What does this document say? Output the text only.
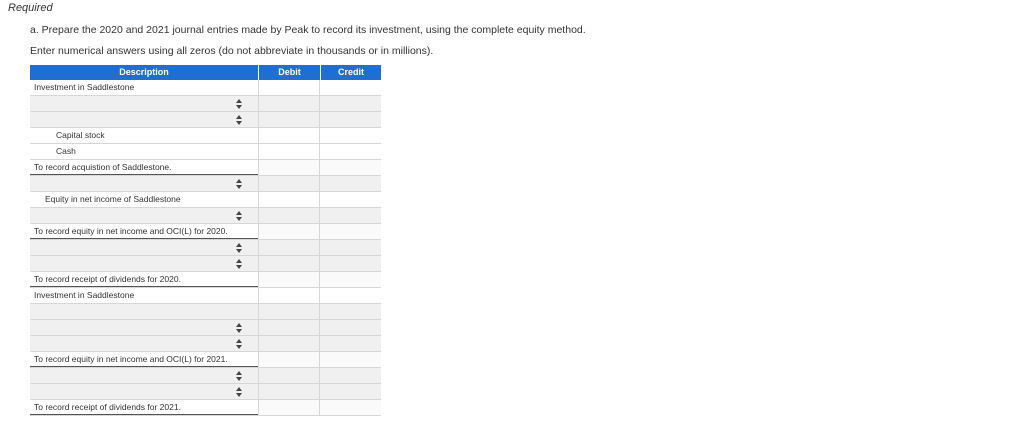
Required
a. Prepare the 2020 and 2021 journal entries made by Peak to record its investment, using the complete equity method.
Enter numerical answers using all zeros (do not abbreviate in thousands or in millions).
Description	Debit	Credit
Investment in Saddlestone
Capital stock
Cash
To record acquistion of Saddlestone.
Equity in net income of Saddlestone
To record equity in net income and OCI(L) for 2020.
To record receipt of dividends for 2020.
Investment in Saddlestone
To record equity in net income and OCI(L) for 2021.
To record receipt of dividends for 2021.
